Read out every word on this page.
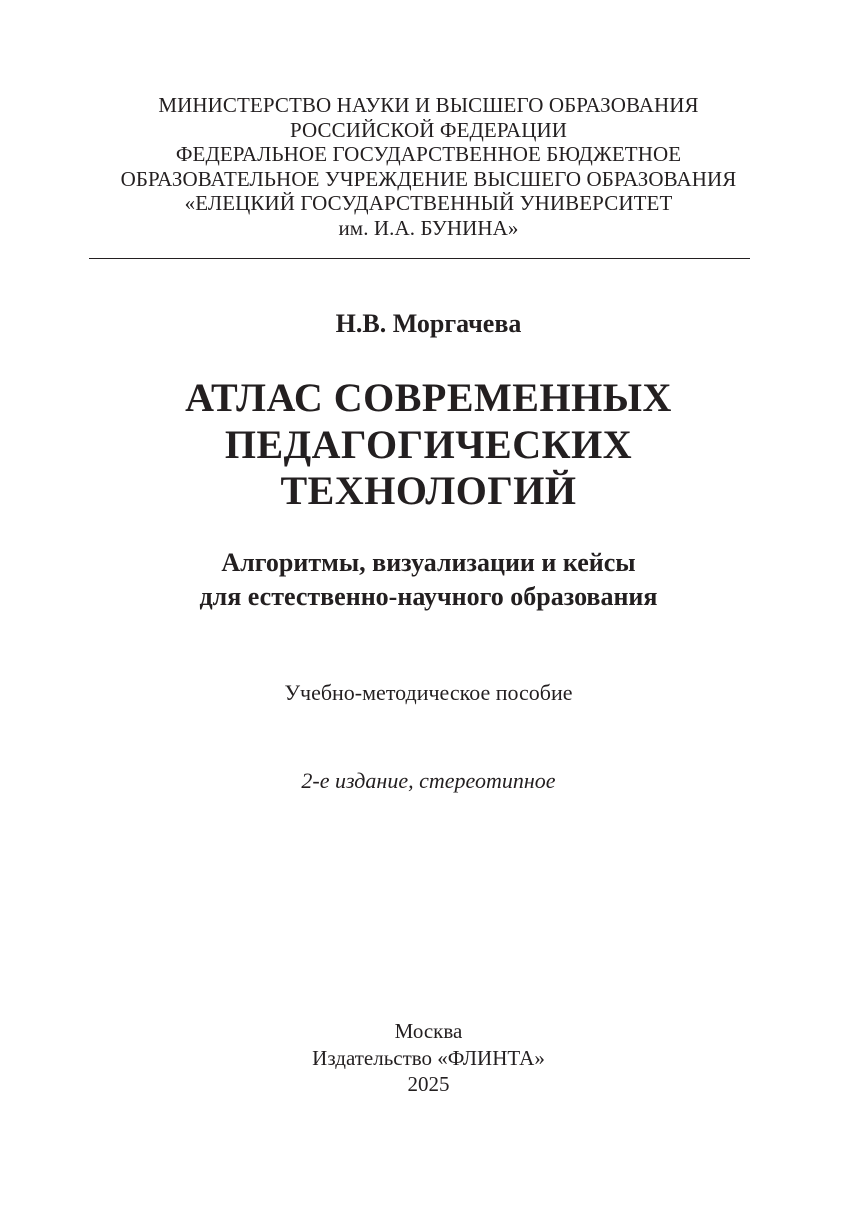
МИНИСТЕРСТВО НАУКИ И ВЫСШЕГО ОБРАЗОВАНИЯ
РОССИЙСКОЙ ФЕДЕРАЦИИ
ФЕДЕРАЛЬНОЕ ГОСУДАРСТВЕННОЕ БЮДЖЕТНОЕ
ОБРАЗОВАТЕЛЬНОЕ УЧРЕЖДЕНИЕ ВЫСШЕГО ОБРАЗОВАНИЯ
«ЕЛЕЦКИЙ ГОСУДАРСТВЕННЫЙ УНИВЕРСИТЕТ
им. И.А. БУНИНА»
Н.В. Моргачева
АТЛАС СОВРЕМЕННЫХ
ПЕДАГОГИЧЕСКИХ
ТЕХНОЛОГИЙ
Алгоритмы, визуализации и кейсы
для естественно-научного образования
Учебно-методическое пособие
2-е издание, стереотипное
Москва
Издательство «ФЛИНТА»
2025
